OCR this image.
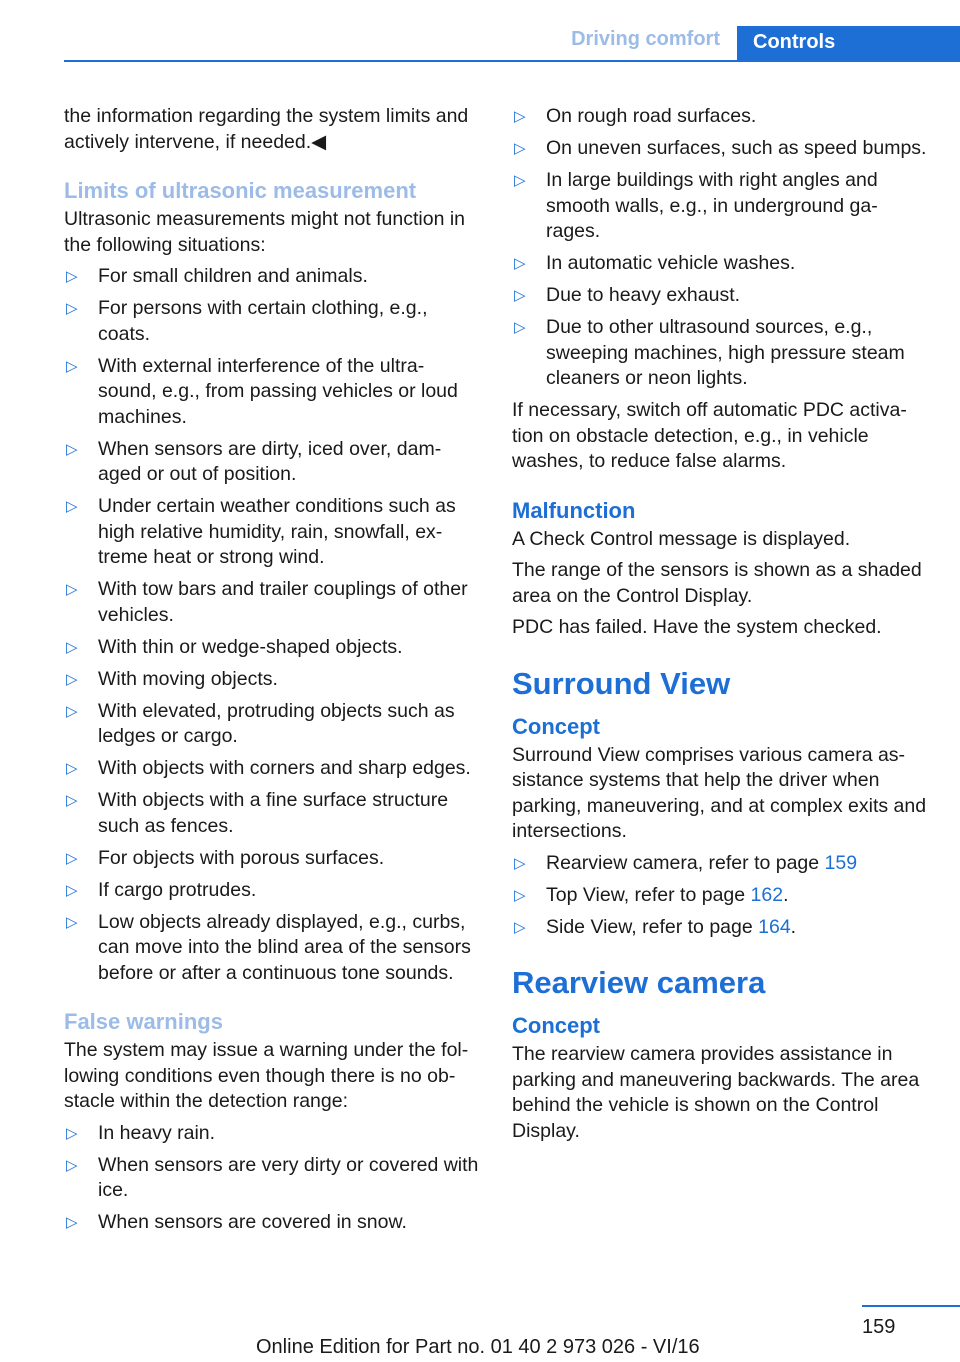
Driving comfort	Controls

the information regarding the system limits and actively intervene, if needed.◀

Limits of ultrasonic measurement

Ultrasonic measurements might not function in the following situations:

▷ For small children and animals.
▷ For persons with certain clothing, e.g., coats.
▷ With external interference of the ultra‐sound, e.g., from passing vehicles or loud machines.
▷ When sensors are dirty, iced over, dam‐aged or out of position.
▷ Under certain weather conditions such as high relative humidity, rain, snowfall, ex‐treme heat or strong wind.
▷ With tow bars and trailer couplings of other vehicles.
▷ With thin or wedge-shaped objects.
▷ With moving objects.
▷ With elevated, protruding objects such as ledges or cargo.
▷ With objects with corners and sharp edges.
▷ With objects with a fine surface structure such as fences.
▷ For objects with porous surfaces.
▷ If cargo protrudes.
▷ Low objects already displayed, e.g., curbs, can move into the blind area of the sensors before or after a continuous tone sounds.
False warnings

The system may issue a warning under the fol‐lowing conditions even though there is no ob‐stacle within the detection range:

▷ In heavy rain.
▷ When sensors are very dirty or covered with ice.
▷ When sensors are covered in snow.
▷ On rough road surfaces.
▷ On uneven surfaces, such as speed bumps.
▷ In large buildings with right angles and smooth walls, e.g., in underground ga‐rages.
▷ In automatic vehicle washes.
▷ Due to heavy exhaust.
▷ Due to other ultrasound sources, e.g., sweeping machines, high pressure steam cleaners or neon lights.

If necessary, switch off automatic PDC activa‐tion on obstacle detection, e.g., in vehicle washes, to reduce false alarms.

Malfunction

A Check Control message is displayed.

The range of the sensors is shown as a shaded area on the Control Display.

PDC has failed. Have the system checked.

Surround View
Concept

Surround View comprises various camera as‐sistance systems that help the driver when parking, maneuvering, and at complex exits and intersections.

▷ Rearview camera, refer to page 159
▷ Top View, refer to page 162.
▷ Side View, refer to page 164.
Rearview camera
Concept

The rearview camera provides assistance in parking and maneuvering backwards. The area behind the vehicle is shown on the Control Display.

159
Online Edition for Part no. 01 40 2 973 026 - VI/16
